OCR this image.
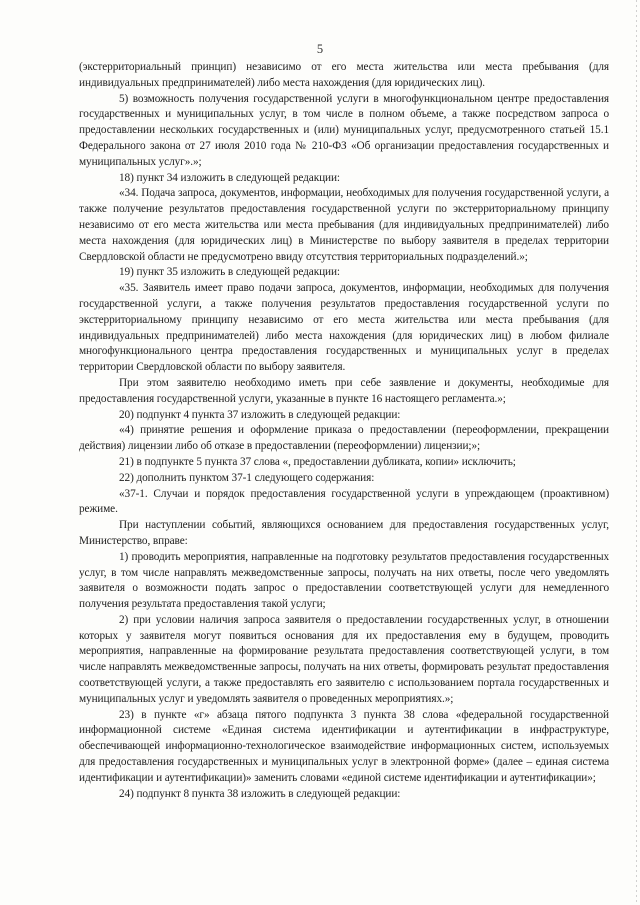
5

(экстерриториальный принцип) независимо от его места жительства или места пребывания (для индивидуальных предпринимателей) либо места нахождения (для юридических лиц).

5) возможность получения государственной услуги в многофункциональном центре предоставления государственных и муниципальных услуг, в том числе в полном объеме, а также посредством запроса о предоставлении нескольких государственных и (или) муниципальных услуг, предусмотренного статьей 15.1 Федерального закона от 27 июля 2010 года № 210-ФЗ «Об организации предоставления государственных и муниципальных услуг».»;

18) пункт 34 изложить в следующей редакции:

«34. Подача запроса, документов, информации, необходимых для получения государственной услуги, а также получение результатов предоставления государственной услуги по экстерриториальному принципу независимо от его места жительства или места пребывания (для индивидуальных предпринимателей) либо места нахождения (для юридических лиц) в Министерстве по выбору заявителя в пределах территории Свердловской области не предусмотрено ввиду отсутствия территориальных подразделений.»;

19) пункт 35 изложить в следующей редакции:

«35. Заявитель имеет право подачи запроса, документов, информации, необходимых для получения государственной услуги, а также получения результатов предоставления государственной услуги по экстерриториальному принципу независимо от его места жительства или места пребывания (для индивидуальных предпринимателей) либо места нахождения (для юридических лиц) в любом филиале многофункционального центра предоставления государственных и муниципальных услуг в пределах территории Свердловской области по выбору заявителя.

При этом заявителю необходимо иметь при себе заявление и документы, необходимые для предоставления государственной услуги, указанные в пункте 16 настоящего регламента.»;

20) подпункт 4 пункта 37 изложить в следующей редакции:

«4) принятие решения и оформление приказа о предоставлении (переоформлении, прекращении действия) лицензии либо об отказе в предоставлении (переоформлении) лицензии;»;

21) в подпункте 5 пункта 37 слова «, предоставлении дубликата, копии» исключить;

22) дополнить пунктом 37-1 следующего содержания:

«37-1. Случаи и порядок предоставления государственной услуги в упреждающем (проактивном) режиме.

При наступлении событий, являющихся основанием для предоставления государственных услуг, Министерство, вправе:

1) проводить мероприятия, направленные на подготовку результатов предоставления государственных услуг, в том числе направлять межведомственные запросы, получать на них ответы, после чего уведомлять заявителя о возможности подать запрос о предоставлении соответствующей услуги для немедленного получения результата предоставления такой услуги;

2) при условии наличия запроса заявителя о предоставлении государственных услуг, в отношении которых у заявителя могут появиться основания для их предоставления ему в будущем, проводить мероприятия, направленные на формирование результата предоставления соответствующей услуги, в том числе направлять межведомственные запросы, получать на них ответы, формировать результат предоставления соответствующей услуги, а также предоставлять его заявителю с использованием портала государственных и муниципальных услуг и уведомлять заявителя о проведенных мероприятиях.»;

23) в пункте «г» абзаца пятого подпункта 3 пункта 38 слова «федеральной государственной информационной системе «Единая система идентификации и аутентификации в инфраструктуре, обеспечивающей информационно-технологическое взаимодействие информационных систем, используемых для предоставления государственных и муниципальных услуг в электронной форме» (далее – единая система идентификации и аутентификации)» заменить словами «единой системе идентификации и аутентификации»;

24) подпункт 8 пункта 38 изложить в следующей редакции:
